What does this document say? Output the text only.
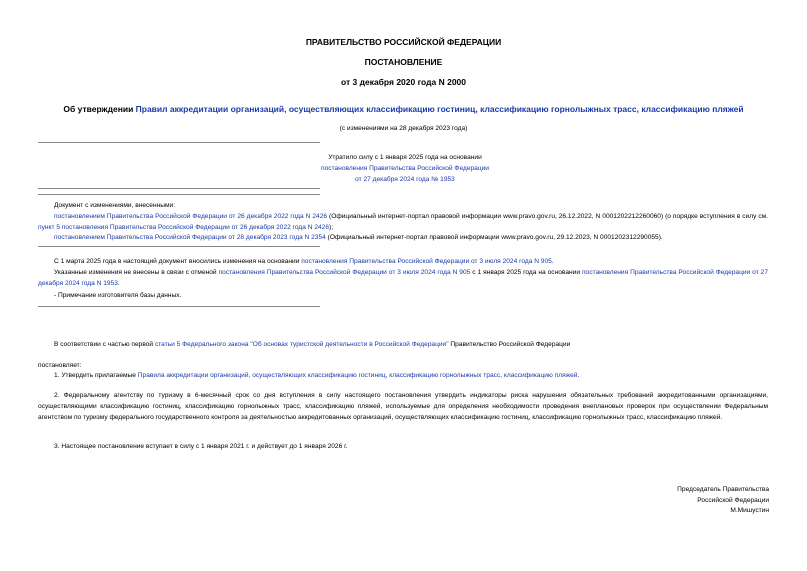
ПРАВИТЕЛЬСТВО РОССИЙСКОЙ ФЕДЕРАЦИИ
ПОСТАНОВЛЕНИЕ
от 3 декабря 2020 года N 2000
Об утверждении Правил аккредитации организаций, осуществляющих классификацию гостиниц, классификацию горнолыжных трасс, классификацию пляжей
(с изменениями на 28 декабря 2023 года)
Утратило силу с 1 января 2025 года на основании
постановления Правительства Российской Федерации
от 27 декабря 2024 года № 1953
Документ с изменениями, внесенными:
постановлением Правительства Российской Федерации от 26 декабря 2022 года N 2426 (Официальный интернет-портал правовой информации www.pravo.gov.ru, 26.12.2022, N 0001202212260060) (о порядке вступления в силу см. пункт 5 постановления Правительства Российской Федерации от 26 декабря 2022 года N 2426);
постановлением Правительства Российской Федерации от 28 декабря 2023 года N 2354 (Официальный интернет-портал правовой информации www.pravo.gov.ru, 29.12.2023, N 0001202312290055).
С 1 марта 2025 года в настоящий документ вносились изменения на основании постановления Правительства Российской Федерации от 3 июля 2024 года N 905.
Указанные изменения не внесены в связи с отменой постановления Правительства Российской Федерации от 3 июля 2024 года N 905 с 1 января 2025 года на основании постановления Правительства Российской Федерации от 27 декабря 2024 года N 1953.
- Примечание изготовителя базы данных.
В соответствии с частью первой статьи 5 Федерального закона "Об основах туристской деятельности в Российской Федерации" Правительство Российской Федерации
постановляет:
1. Утвердить прилагаемые Правила аккредитации организаций, осуществляющих классификацию гостиниц, классификацию горнолыжных трасс, классификацию пляжей.
2. Федеральному агентству по туризму в 6-месячный срок со дня вступления в силу настоящего постановления утвердить индикаторы риска нарушения обязательных требований аккредитованными организациями, осуществляющими классификацию гостиниц, классификацию горнолыжных трасс, классификацию пляжей, используемые для определения необходимости проведения внеплановых проверок при осуществлении Федеральным агентством по туризму федерального государственного контроля за деятельностью аккредитованных организаций, осуществляющих классификацию гостиниц, классификацию горнолыжных трасс, классификацию пляжей.
3. Настоящее постановление вступает в силу с 1 января 2021 г. и действует до 1 января 2026 г.
Председатель Правительства
Российской Федерации
М.Мишустин
